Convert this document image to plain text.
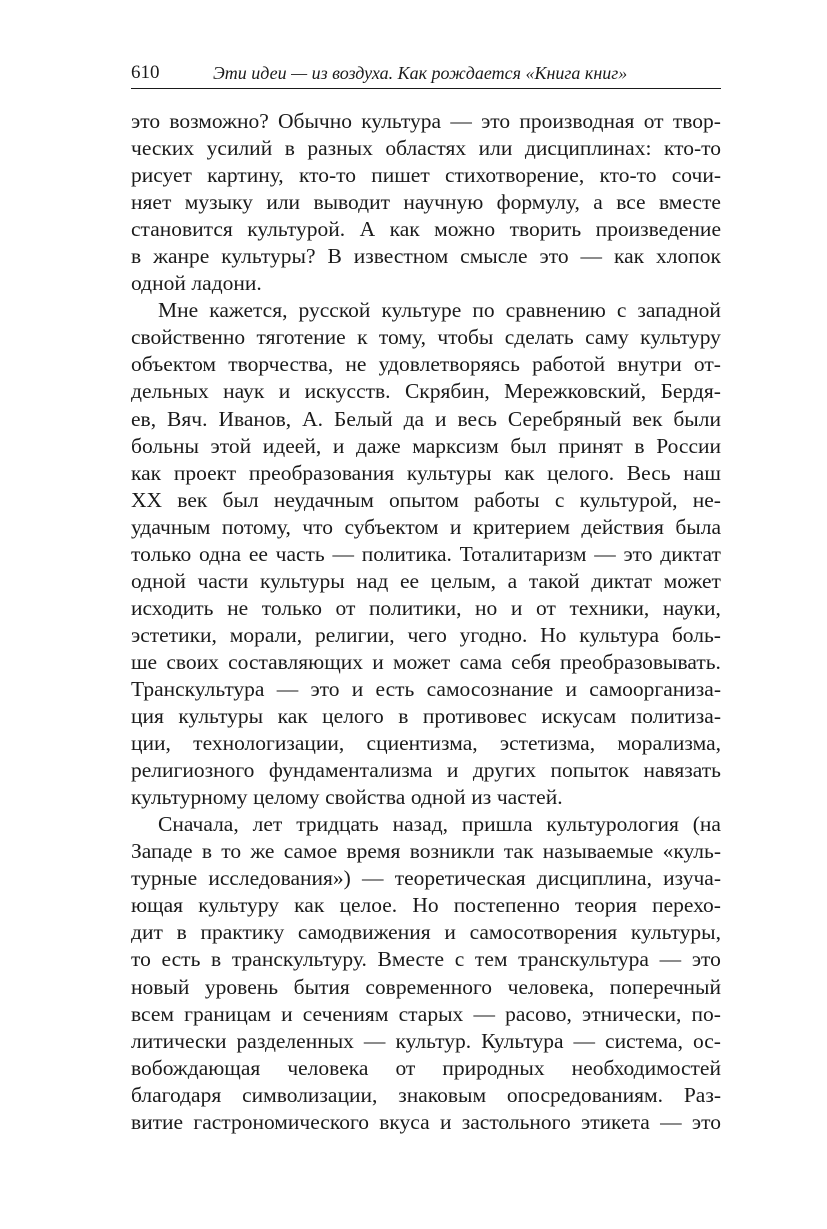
610	Эти идеи — из воздуха. Как рождается «Книга книг»
это возможно? Обычно культура — это производная от твор-
ческих усилий в разных областях или дисциплинах: кто-то
рисует картину, кто-то пишет стихотворение, кто-то сочи-
няет музыку или выводит научную формулу, а все вместе
становится культурой. А как можно творить произведение
в жанре культуры? В известном смысле это — как хлопок
одной ладони.
Мне кажется, русской культуре по сравнению с западной
свойственно тяготение к тому, чтобы сделать саму культуру
объектом творчества, не удовлетворяясь работой внутри от-
дельных наук и искусств. Скрябин, Мережковский, Бердя-
ев, Вяч. Иванов, А. Белый да и весь Серебряный век были
больны этой идеей, и даже марксизм был принят в России
как проект преобразования культуры как целого. Весь наш
XX век был неудачным опытом работы с культурой, не-
удачным потому, что субъектом и критерием действия была
только одна ее часть — политика. Тоталитаризм — это диктат
одной части культуры над ее целым, а такой диктат может
исходить не только от политики, но и от техники, науки,
эстетики, морали, религии, чего угодно. Но культура боль-
ше своих составляющих и может сама себя преобразовывать.
Транскультура — это и есть самосознание и самоорганиза-
ция культуры как целого в противовес искусам политиза-
ции, технологизации, сциентизма, эстетизма, морализма,
религиозного фундаментализма и других попыток навязать
культурному целому свойства одной из частей.
Сначала, лет тридцать назад, пришла культурология (на
Западе в то же самое время возникли так называемые «куль-
турные исследования») — теоретическая дисциплина, изуча-
ющая культуру как целое. Но постепенно теория перехо-
дит в практику самодвижения и самосотворения культуры,
то есть в транскультуру. Вместе с тем транскультура — это
новый уровень бытия современного человека, поперечный
всем границам и сечениям старых — расово, этнически, по-
литически разделенных — культур. Культура — система, ос-
вобождающая человека от природных необходимостей
благодаря символизации, знаковым опосредованиям. Раз-
витие гастрономического вкуса и застольного этикета — это
